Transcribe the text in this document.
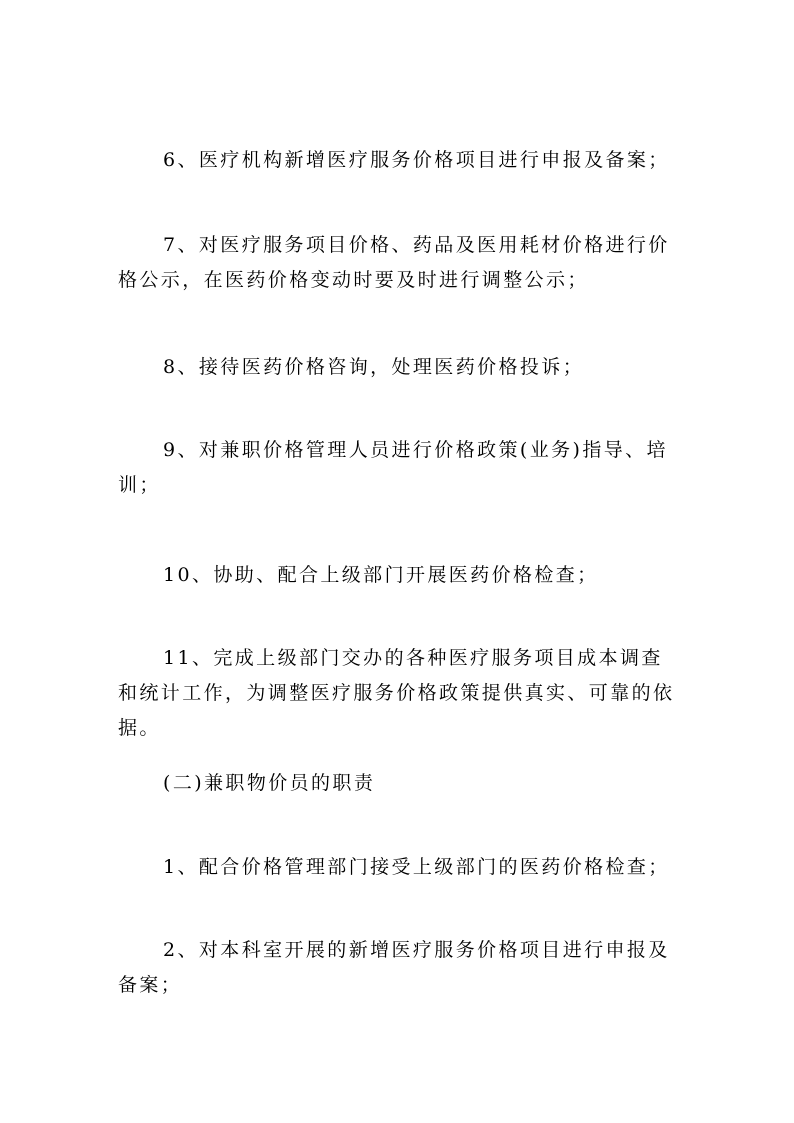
6、医疗机构新增医疗服务价格项目进行申报及备案；

7、对医疗服务项目价格、药品及医用耗材价格进行价格公示，在医药价格变动时要及时进行调整公示；

8、接待医药价格咨询，处理医药价格投诉；

9、对兼职价格管理人员进行价格政策(业务)指导、培训；

10、协助、配合上级部门开展医药价格检查；

11、完成上级部门交办的各种医疗服务项目成本调查和统计工作，为调整医疗服务价格政策提供真实、可靠的依据。

(二)兼职物价员的职责

1、配合价格管理部门接受上级部门的医药价格检查；

2、对本科室开展的新增医疗服务价格项目进行申报及备案；
